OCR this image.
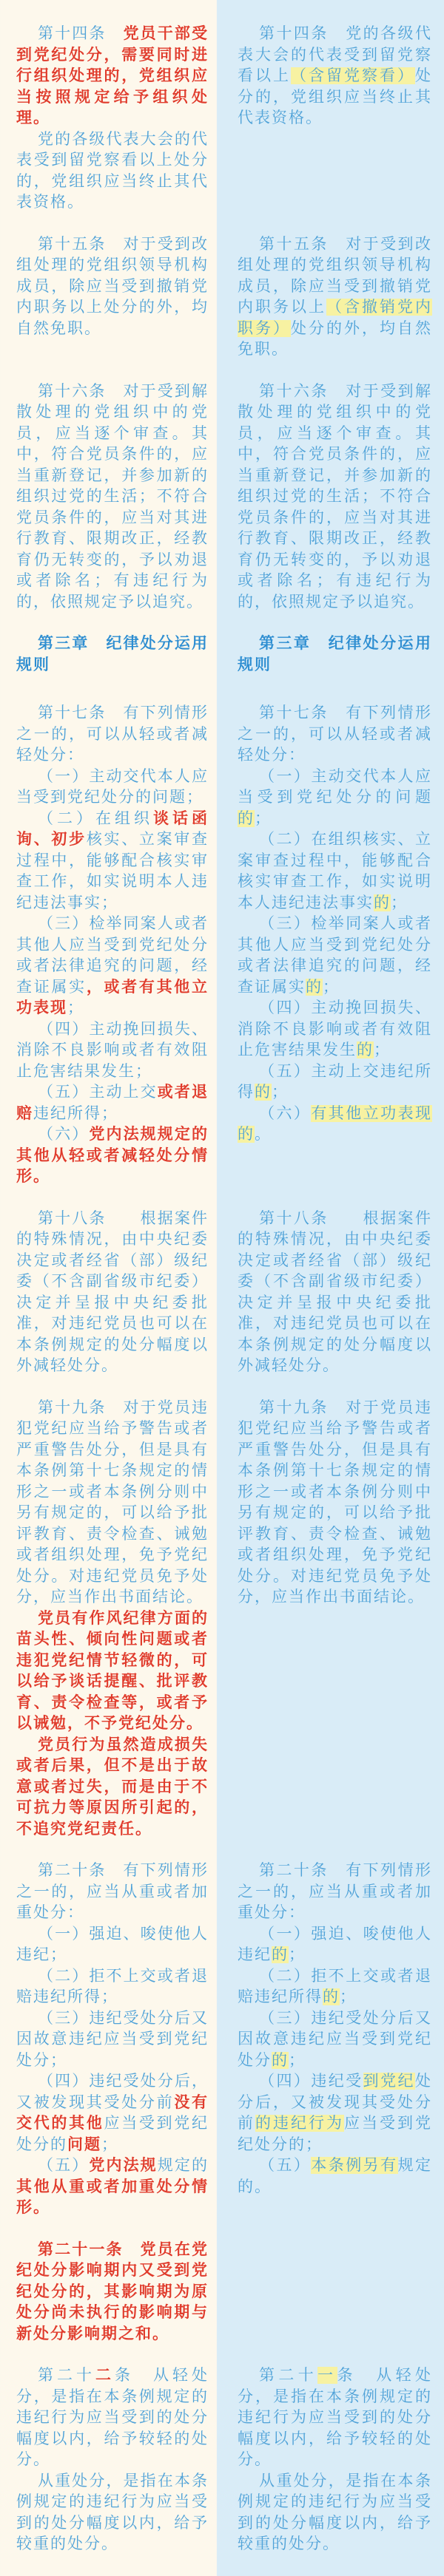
第十四条　党员干部受到党纪处分，需要同时进行组织处理的，党组织应当按照规定给予组织处理。

党的各级代表大会的代表受到留党察看以上处分的，党组织应当终止其代表资格。

第十四条　党的各级代表大会的代表受到留党察看以上（含留党察看）处分的，党组织应当终止其代表资格。

第十五条　对于受到改组处理的党组织领导机构成员，除应当受到撤销党内职务以上处分的外，均自然免职。

第十五条　对于受到改组处理的党组织领导机构成员，除应当受到撤销党内职务以上（含撤销党内职务）处分的外，均自然免职。

第十六条　对于受到解散处理的党组织中的党员，应当逐个审查。其中，符合党员条件的，应当重新登记，并参加新的组织过党的生活；不符合党员条件的，应当对其进行教育、限期改正，经教育仍无转变的，予以劝退或者除名；有违纪行为的，依照规定予以追究。

第十六条　对于受到解散处理的党组织中的党员，应当逐个审查。其中，符合党员条件的，应当重新登记，并参加新的组织过党的生活；不符合党员条件的，应当对其进行教育、限期改正，经教育仍无转变的，予以劝退或者除名；有违纪行为的，依照规定予以追究。

第三章　纪律处分运用规则

第三章　纪律处分运用规则

第十七条　有下列情形之一的，可以从轻或者减轻处分：

（一）主动交代本人应当受到党纪处分的问题；

（二）在组织谈话函询、初步核实、立案审查过程中，能够配合核实审查工作，如实说明本人违纪违法事实；

（三）检举同案人或者其他人应当受到党纪处分或者法律追究的问题，经查证属实，或者有其他立功表现；

（四）主动挽回损失、消除不良影响或者有效阻止危害结果发生；

（五）主动上交或者退赔违纪所得；

（六）党内法规规定的其他从轻或者减轻处分情形。

第十七条　有下列情形之一的，可以从轻或者减轻处分：

（一）主动交代本人应当受到党纪处分的问题的；

（二）在组织核实、立案审查过程中，能够配合核实审查工作，如实说明本人违纪违法事实的；

（三）检举同案人或者其他人应当受到党纪处分或者法律追究的问题，经查证属实的；

（四）主动挽回损失、消除不良影响或者有效阻止危害结果发生的；

（五）主动上交违纪所得的；

（六）有其他立功表现的。

第十八条　　根据案件的特殊情况，由中央纪委决定或者经省（部）级纪委（不含副省级市纪委）决定并呈报中央纪委批准，对违纪党员也可以在本条例规定的处分幅度以外减轻处分。

第十八条　　根据案件的特殊情况，由中央纪委决定或者经省（部）级纪委（不含副省级市纪委）决定并呈报中央纪委批准，对违纪党员也可以在本条例规定的处分幅度以外减轻处分。

第十九条　对于党员违犯党纪应当给予警告或者严重警告处分，但是具有本条例第十七条规定的情形之一或者本条例分则中另有规定的，可以给予批评教育、责令检查、诫勉或者组织处理，免予党纪处分。对违纪党员免予处分，应当作出书面结论。

党员有作风纪律方面的苗头性、倾向性问题或者违犯党纪情节轻微的，可以给予谈话提醒、批评教育、责令检查等，或者予以诫勉，不予党纪处分。

党员行为虽然造成损失或者后果，但不是出于故意或者过失，而是由于不可抗力等原因所引起的，不追究党纪责任。

第十九条　对于党员违犯党纪应当给予警告或者严重警告处分，但是具有本条例第十七条规定的情形之一或者本条例分则中另有规定的，可以给予批评教育、责令检查、诫勉或者组织处理，免予党纪处分。对违纪党员免予处分，应当作出书面结论。

第二十条　有下列情形之一的，应当从重或者加重处分：

（一）强迫、唆使他人违纪；

（二）拒不上交或者退赔违纪所得；

（三）违纪受处分后又因故意违纪应当受到党纪处分；

（四）违纪受处分后，又被发现其受处分前没有交代的其他应当受到党纪处分的问题；

（五）党内法规规定的其他从重或者加重处分情形。

第二十条　有下列情形之一的，应当从重或者加重处分：

（一）强迫、唆使他人违纪的；

（二）拒不上交或者退赔违纪所得的；

（三）违纪受处分后又因故意违纪应当受到党纪处分的；

（四）违纪受到党纪处分后，又被发现其受处分前的违纪行为应当受到党纪处分的；

（五）本条例另有规定的。

第二十一条　党员在党纪处分影响期内又受到党纪处分的，其影响期为原处分尚未执行的影响期与新处分影响期之和。

第二十二条　从轻处分，是指在本条例规定的违纪行为应当受到的处分幅度以内，给予较轻的处分。

从重处分，是指在本条例规定的违纪行为应当受到的处分幅度以内，给予较重的处分。

第二十一条　从轻处分，是指在本条例规定的违纪行为应当受到的处分幅度以内，给予较轻的处分。

从重处分，是指在本条例规定的违纪行为应当受到的处分幅度以内，给予较重的处分。
